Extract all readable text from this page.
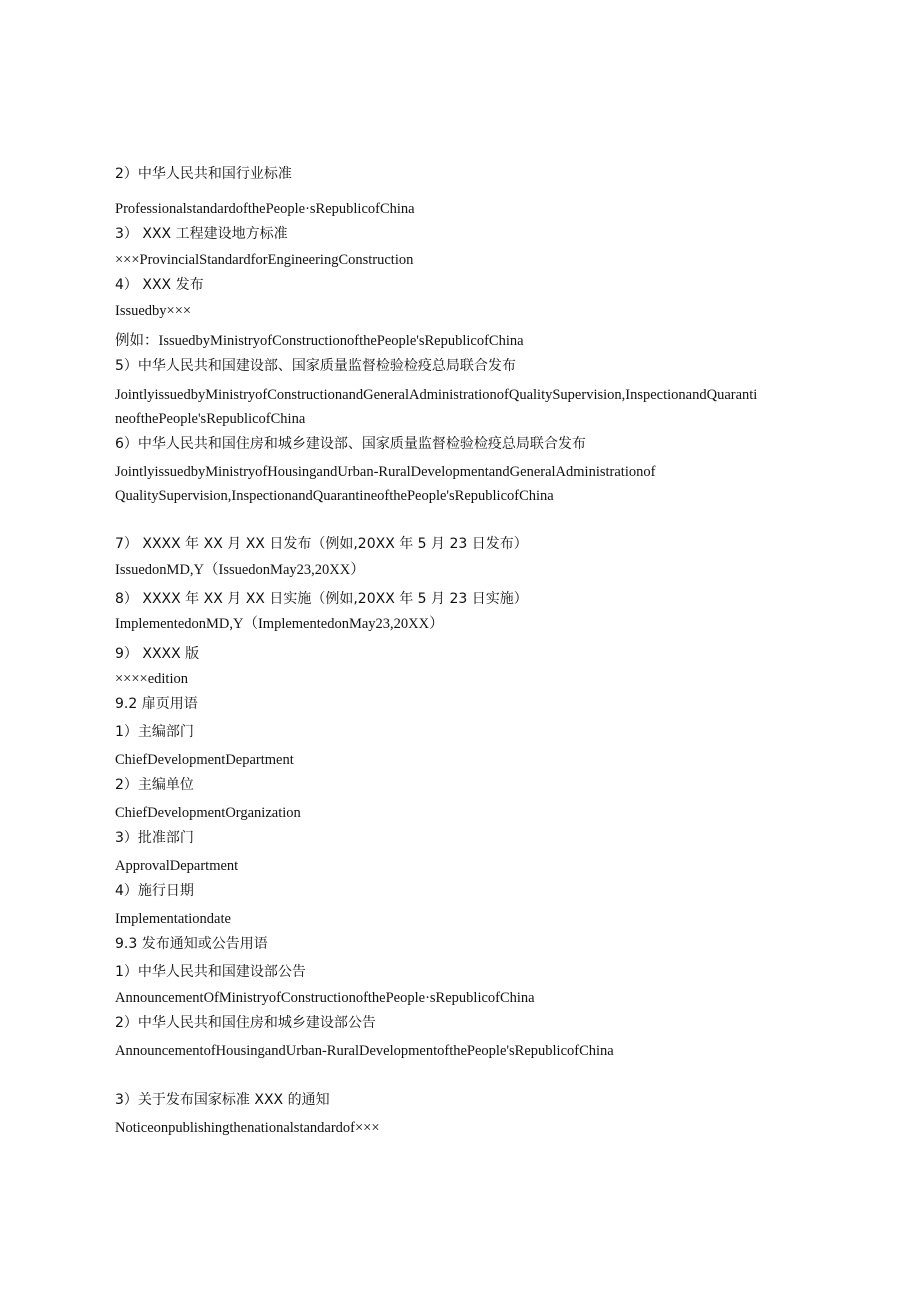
2）中华人民共和国行业标准
ProfessionalstandardofthePeople·sRepublicofChina
3） XXX 工程建设地方标准
×××ProvincialStandardforEngineeringConstruction
4） XXX 发布
Issuedby×××
例如：IssuedbyMinistryofConstructionofthePeople'sRepublicofChina
5）中华人民共和国建设部、国家质量监督检验检疫总局联合发布
JointlyissuedbyMinistryofConstructionandGeneralAdministrationofQualitySupervision,InspectionandQuaranti
neofthePeople'sRepublicofChina
6）中华人民共和国住房和城乡建设部、国家质量监督检验检疫总局联合发布
JointlyissuedbyMinistryofHousingandUrban-RuralDevelopmentandGeneralAdministrationof
QualitySupervision,InspectionandQuarantineofthePeople'sRepublicofChina
7） XXXX 年 XX 月 XX 日发布（例如,20XX 年 5 月 23 日发布）
IssuedonMD,Y（IssuedonMay23,20XX）
8） XXXX 年 XX 月 XX 日实施（例如,20XX 年 5 月 23 日实施）
ImplementedonMD,Y（ImplementedonMay23,20XX）
9） XXXX 版
××××edition
9.2 扉页用语
1）主编部门
ChiefDevelopmentDepartment
2）主编单位
ChiefDevelopmentOrganization
3）批准部门
ApprovalDepartment
4）施行日期
Implementationdate
9.3 发布通知或公告用语
1）中华人民共和国建设部公告
AnnouncementOfMinistryofConstructionofthePeople·sRepublicofChina
2）中华人民共和国住房和城乡建设部公告
AnnouncementofHousingandUrban-RuralDevelopmentofthePeople'sRepublicofChina
3）关于发布国家标准 XXX 的通知
Noticeonpublishingthenationalstandardof×××
